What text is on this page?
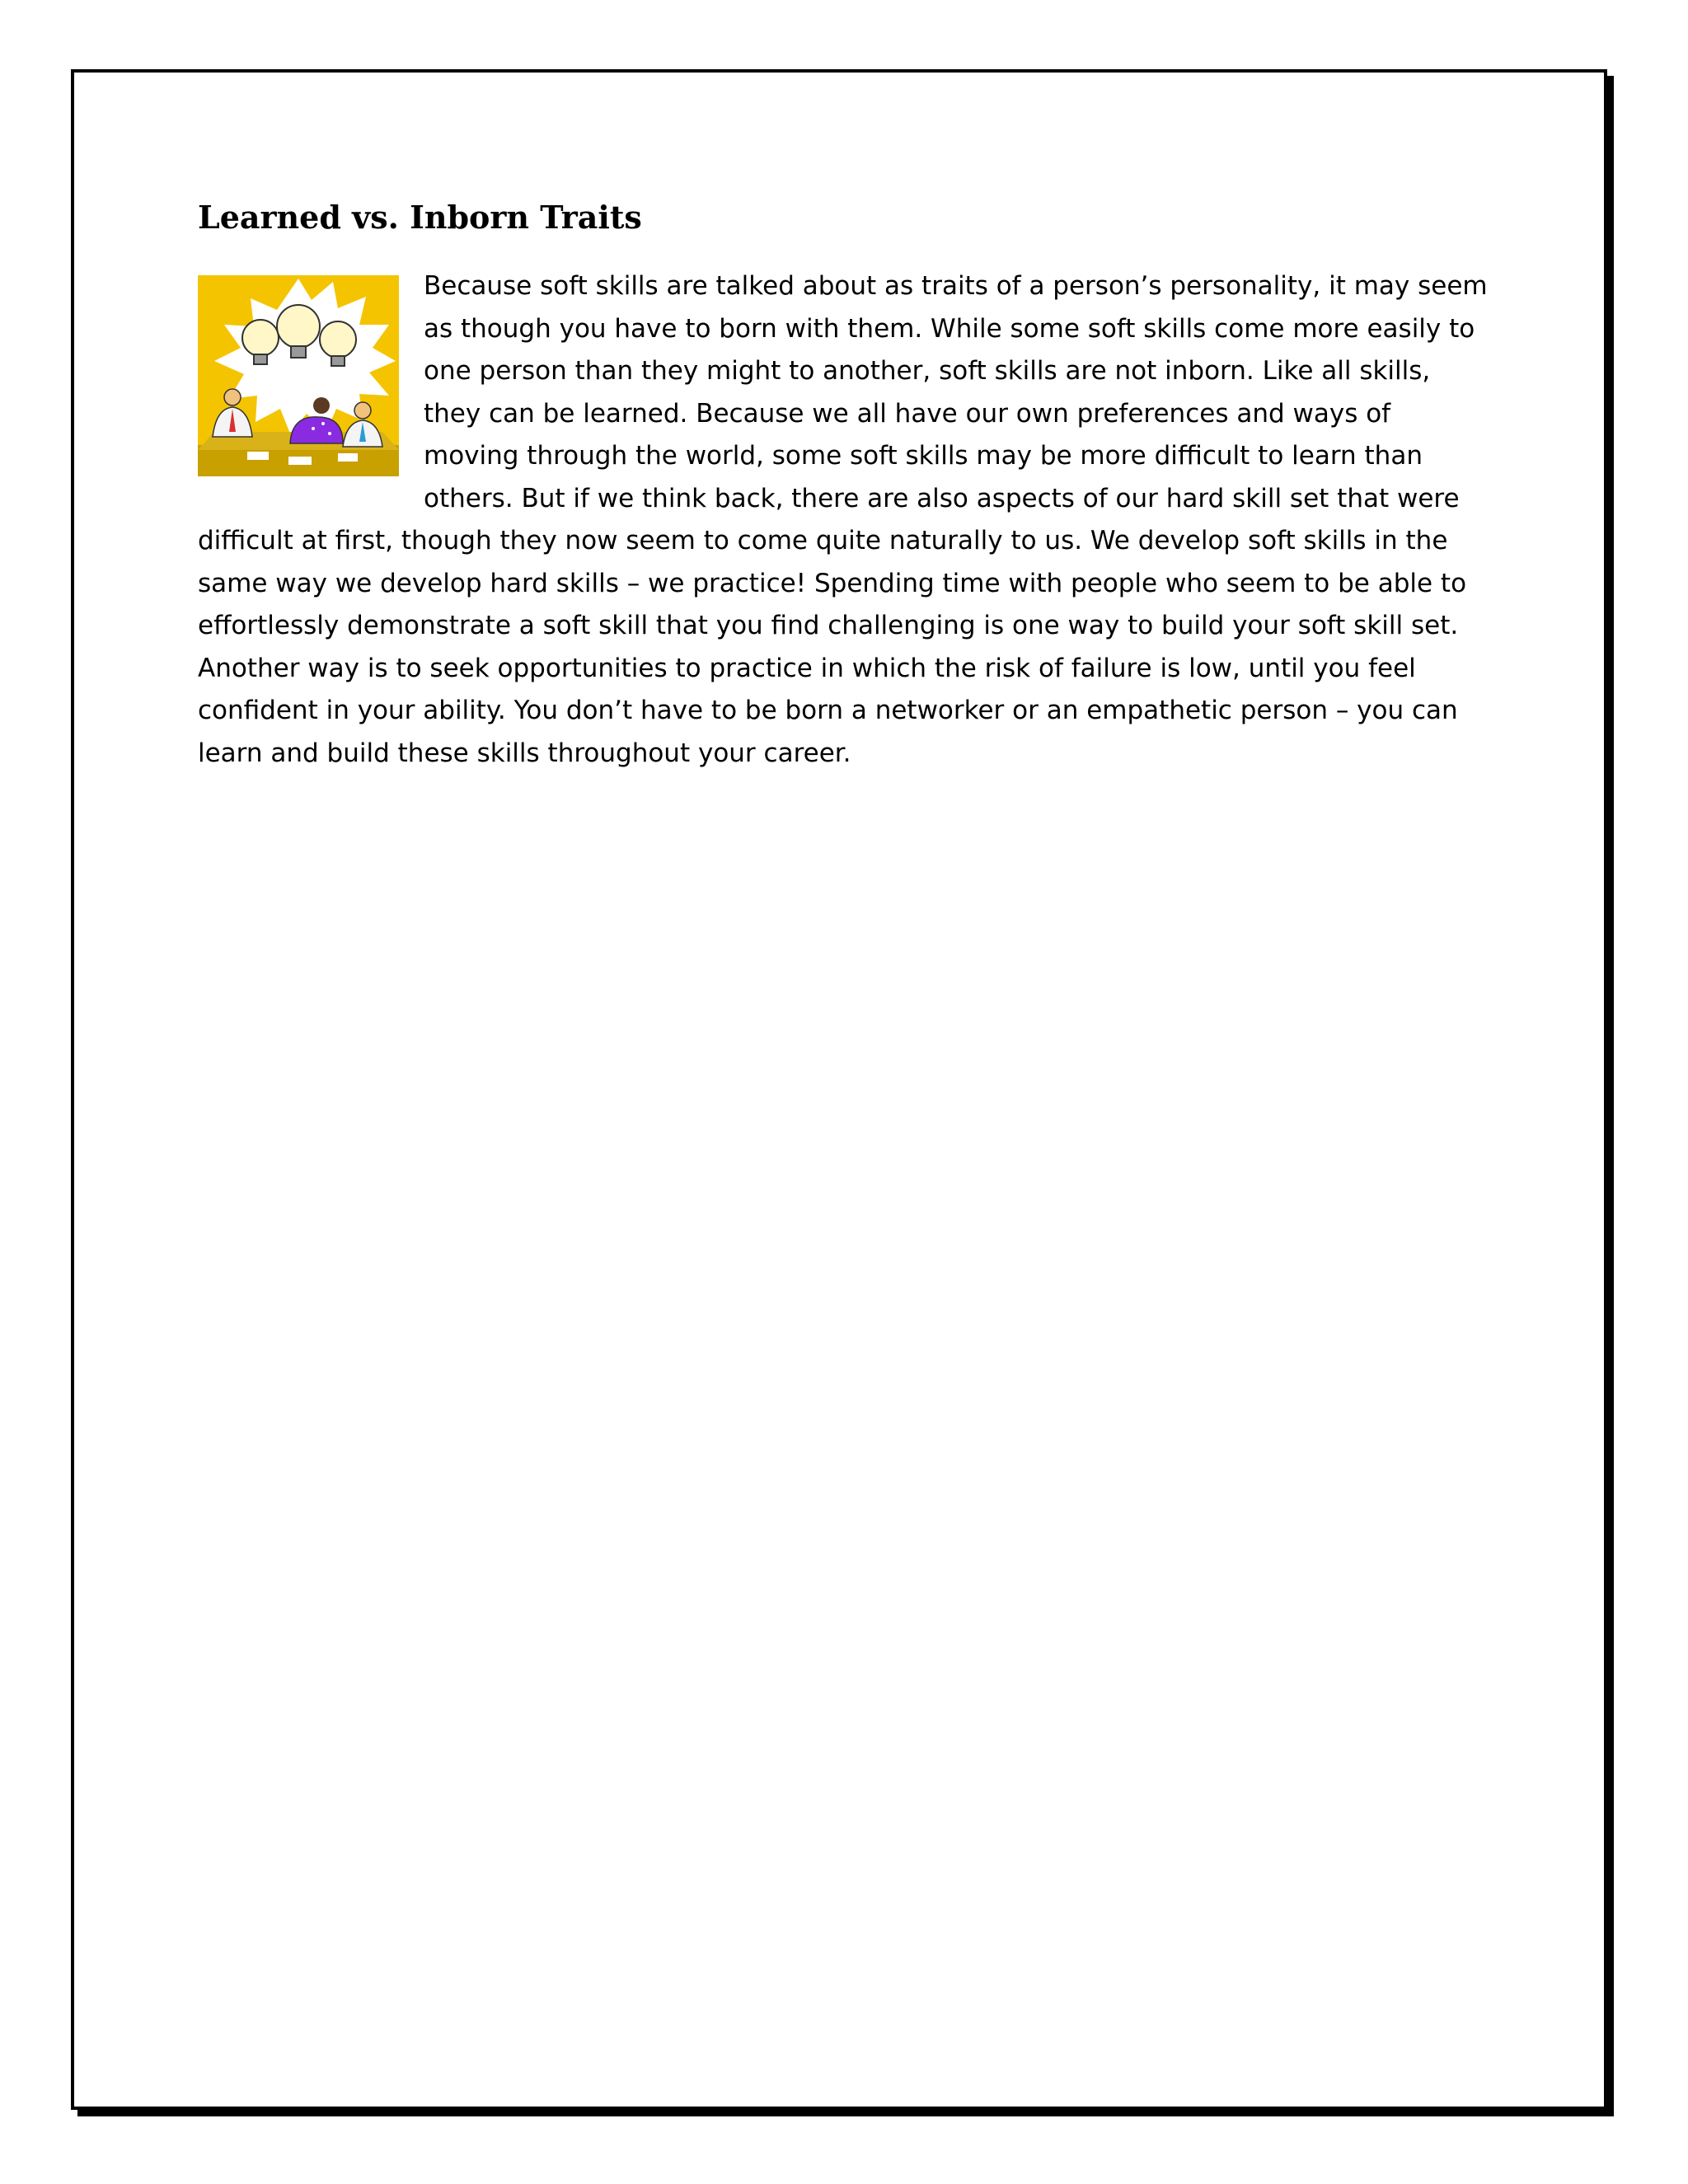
Learned vs. Inborn Traits

Because soft skills are talked about as traits of a person’s personality, it may seem as though you have to born with them. While some soft skills come more easily to one person than they might to another, soft skills are not inborn. Like all skills, they can be learned. Because we all have our own preferences and ways of moving through the world, some soft skills may be more difficult to learn than others. But if we think back, there are also aspects of our hard skill set that were difficult at first, though they now seem to come quite naturally to us. We develop soft skills in the same way we develop hard skills – we practice! Spending time with people who seem to be able to effortlessly demonstrate a soft skill that you find challenging is one way to build your soft skill set. Another way is to seek opportunities to practice in which the risk of failure is low, until you feel confident in your ability. You don’t have to be born a networker or an empathetic person – you can learn and build these skills throughout your career.
